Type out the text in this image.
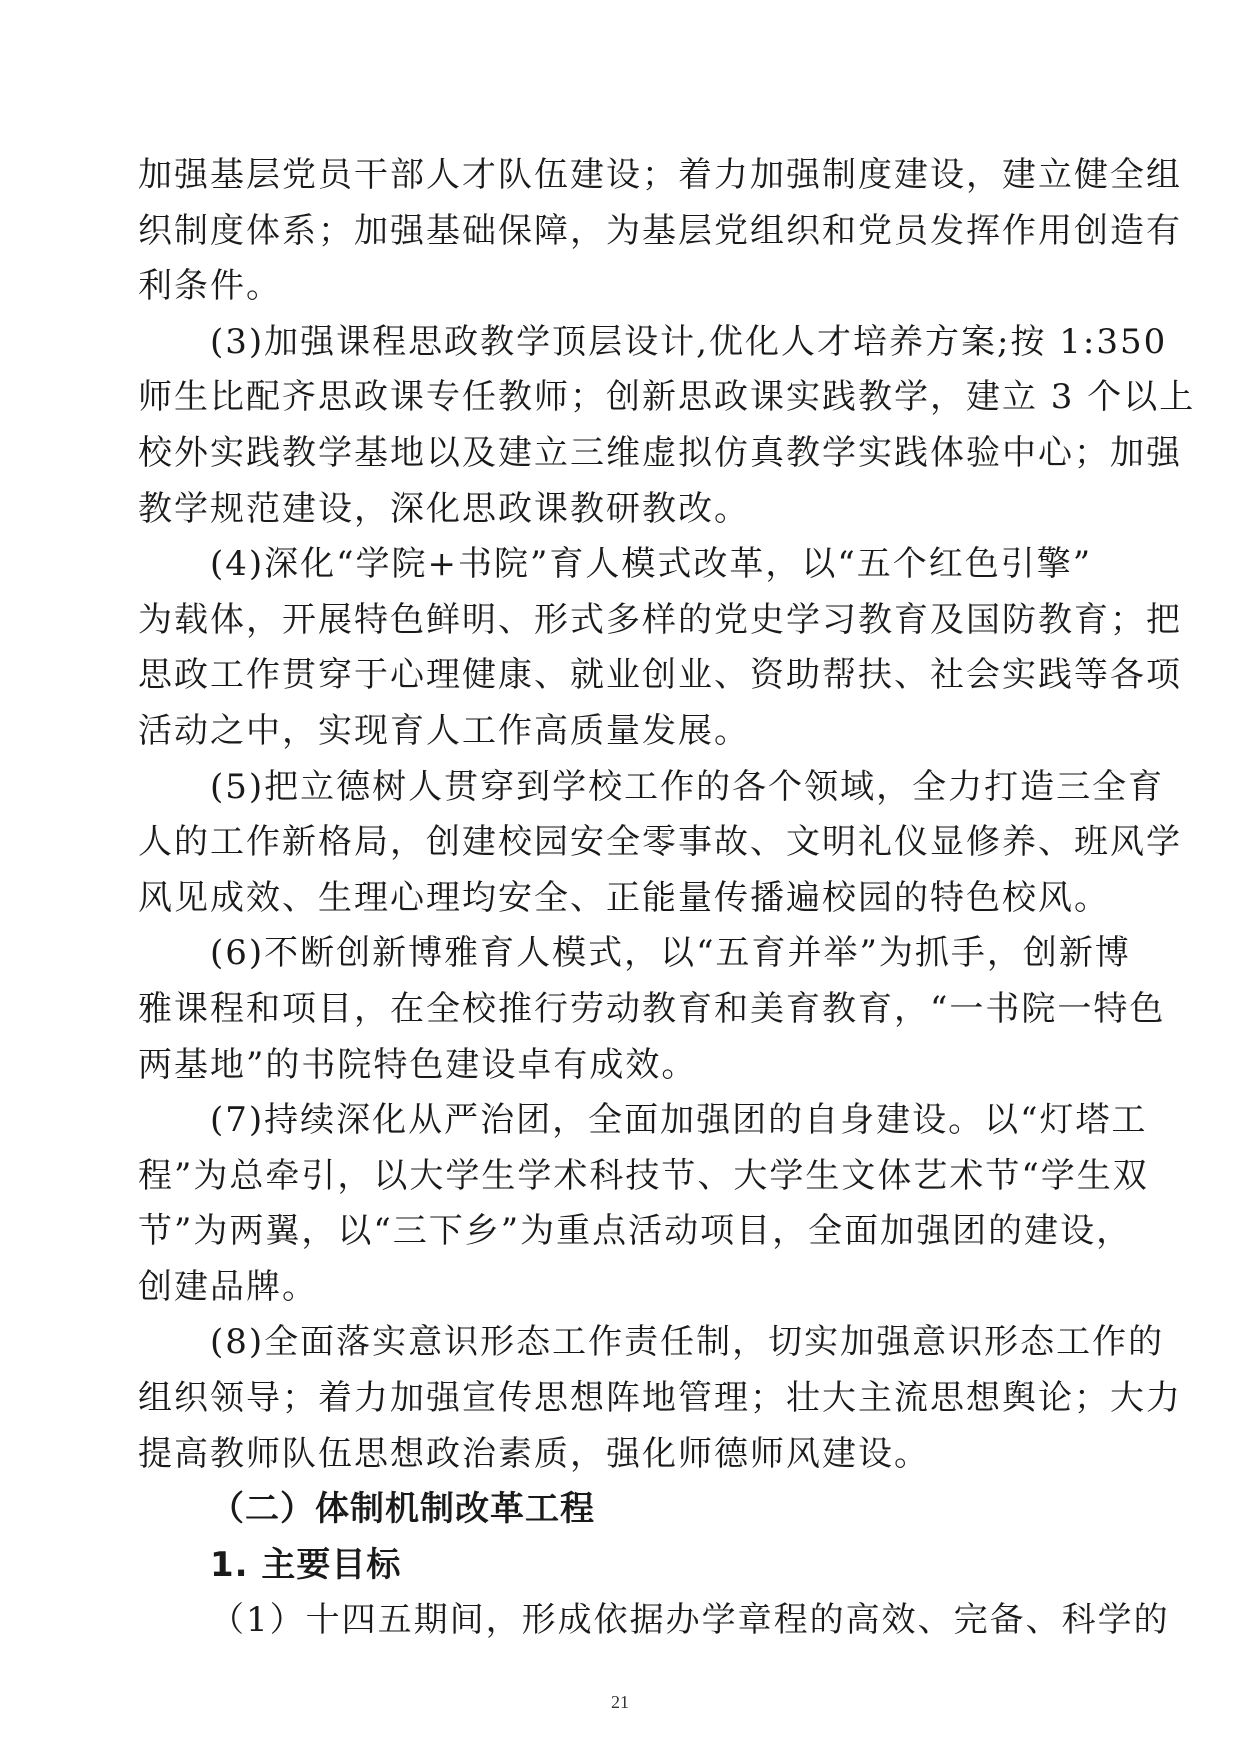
加强基层党员干部人才队伍建设；着力加强制度建设，建立健全组
织制度体系；加强基础保障，为基层党组织和党员发挥作用创造有
利条件。
(3)加强课程思政教学顶层设计,优化人才培养方案;按 1:350
师生比配齐思政课专任教师；创新思政课实践教学，建立 3 个以上
校外实践教学基地以及建立三维虚拟仿真教学实践体验中心；加强
教学规范建设，深化思政课教研教改。
(4)深化“学院+书院”育人模式改革，以“五个红色引擎”
为载体，开展特色鲜明、形式多样的党史学习教育及国防教育；把
思政工作贯穿于心理健康、就业创业、资助帮扶、社会实践等各项
活动之中，实现育人工作高质量发展。
(5)把立德树人贯穿到学校工作的各个领域，全力打造三全育
人的工作新格局，创建校园安全零事故、文明礼仪显修养、班风学
风见成效、生理心理均安全、正能量传播遍校园的特色校风。
(6)不断创新博雅育人模式，以“五育并举”为抓手，创新博
雅课程和项目，在全校推行劳动教育和美育教育，“一书院一特色
两基地”的书院特色建设卓有成效。
(7)持续深化从严治团，全面加强团的自身建设。以“灯塔工
程”为总牵引，以大学生学术科技节、大学生文体艺术节“学生双
节”为两翼，以“三下乡”为重点活动项目，全面加强团的建设，
创建品牌。
(8)全面落实意识形态工作责任制，切实加强意识形态工作的
组织领导；着力加强宣传思想阵地管理；壮大主流思想舆论；大力
提高教师队伍思想政治素质，强化师德师风建设。
（二）体制机制改革工程
1. 主要目标
（1）十四五期间，形成依据办学章程的高效、完备、科学的
21
